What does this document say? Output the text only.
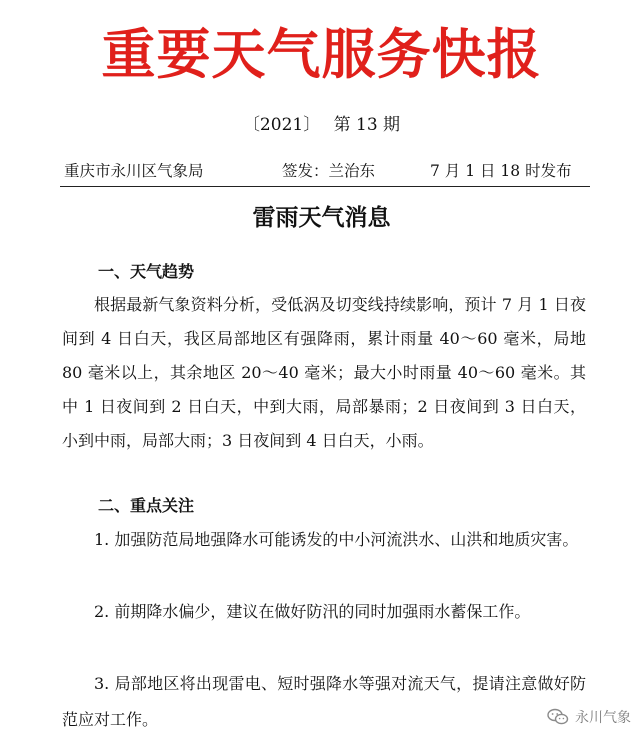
重要天气服务快报
〔2021〕 第 13 期
重庆市永川区气象局	签发：兰治东	7 月 1 日 18 时发布
雷雨天气消息
一、天气趋势
根据最新气象资料分析，受低涡及切变线持续影响，预计 7 月 1 日夜间到 4 日白天，我区局部地区有强降雨，累计雨量 40～60 毫米，局地 80 毫米以上，其余地区 20～40 毫米；最大小时雨量 40～60 毫米。其中 1 日夜间到 2 日白天，中到大雨，局部暴雨；2 日夜间到 3 日白天，小到中雨，局部大雨；3 日夜间到 4 日白天，小雨。
二、重点关注
1. 加强防范局地强降水可能诱发的中小河流洪水、山洪和地质灾害。
2. 前期降水偏少，建议在做好防汛的同时加强雨水蓄保工作。
3. 局部地区将出现雷电、短时强降水等强对流天气，提请注意做好防范应对工作。	永川气象
